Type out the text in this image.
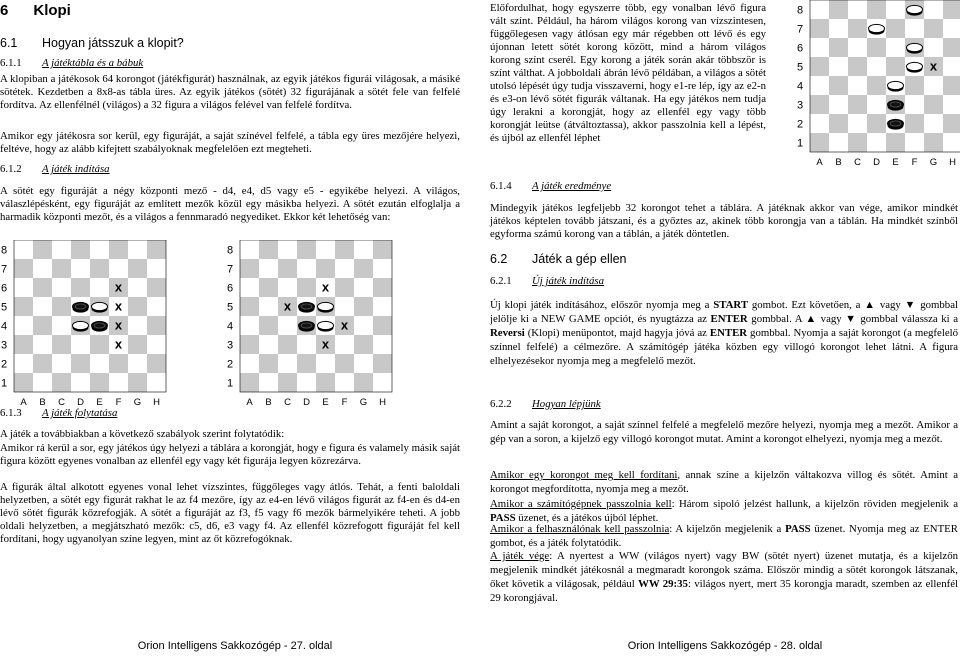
6 Klopi
6.1 Hogyan játsszuk a klopit?
6.1.1 A játéktábla és a bábuk
A klopiban a játékosok 64 korongot (játékfigurát) használnak, az egyik játékos figurái világosak, a másiké sötétek. Kezdetben a 8x8-as tábla üres. Az egyik játékos (sötét) 32 figurájának a sötét fele van felfelé fordítva. Az ellenfélnél (világos) a 32 figura a világos felével van felfelé fordítva.
Amikor egy játékosra sor kerül, egy figuráját, a saját színével felfelé, a tábla egy üres mezőjére helyezi, feltéve, hogy az alább kifejtett szabályoknak megfelelően ezt megteheti.
6.1.2 A játék indítása
A sötét egy figuráját a négy központi mező - d4, e4, d5 vagy e5 - egyikébe helyezi. A világos, válaszlépésként, egy figuráját az említett mezők közül egy másikba helyezi. A sötét ezután elfoglalja a harmadik központi mezőt, és a világos a fennmaradó negyediket. Ekkor két lehetőség van:
8
7
6
5
4
3
2
1
A B C D E F G H
x
x
x
x
8
7
6
5
4
3
2
1
A B C D E F G H
x
x
x
x
6.1.3 A játék folytatása
A játék a továbbiakban a következő szabályok szerint folytatódik:
Amikor rá kerül a sor, egy játékos úgy helyezi a táblára a korongját, hogy e figura és valamely másik saját figura között egyenes vonalban az ellenfél egy vagy két figurája legyen közrezárva.
A figurák által alkotott egyenes vonal lehet vízszintes, függőleges vagy átlós. Tehát, a fenti baloldali helyzetben, a sötét egy figurát rakhat le az f4 mezőre, így az e4-en lévő világos figurát az f4-en és d4-en lévő sötét figurák kőzrefogják. A sötét a figuráját az f3, f5 vagy f6 mezők bármelyikére teheti. A jobb oldali helyzetben, a megjátszható mezők: c5, d6, e3 vagy f4. Az ellenfél közrefogott figuráját fel kell fordítani, hogy ugyanolyan színe legyen, mint az őt közrefogóknak.
Orion Intelligens Sakkozógép - 27. oldal
Előfordulhat, hogy egyszerre több, egy vonalban lévő figura vált színt. Például, ha három világos korong van vízszintesen, függőlegesen vagy átlósan egy már régebben ott lévő és egy újonnan letett sötét korong között, mind a három világos korong színt cserél. Egy korong a játék során akár többször is színt válthat. A jobboldali ábrán lévő példában, a világos a sötét utolsó lépését úgy tudja visszaverni, hogy e1-re lép, így az e2-n és e3-on lévő sötét figurák váltanak. Ha egy játékos nem tudja úgy lerakni a korongját, hogy az ellenfél egy vagy több korongját leütse (átváltoztassa), akkor passzolnia kell a lépést, és újból az ellenfél léphet
8
7
6
5
4
3
2
1
A B C D E F G H
x
6.1.4 A játék eredménye
Mindegyik játékos legfeljebb 32 korongot tehet a táblára. A játéknak akkor van vége, amikor mindkét játékos képtelen tovább játszani, és a győztes az, akinek több korongja van a táblán. Ha mindkét színből egyforma számú korong van a táblán, a játék döntetlen.
6.2 Játék a gép ellen
6.2.1 Új játék indítása
Új klopi játék indításához, először nyomja meg a START gombot. Ezt követően, a ▲ vagy ▼ gombbal jelölje ki a NEW GAME opciót, és nyugtázza az ENTER gombbal. A ▲ vagy ▼ gombbal válassza ki a Reversi (Klopi) menüpontot, majd hagyja jóvá az ENTER gombbal. Nyomja a saját korongot (a megfelelő színnel felfelé) a célmezőre. A számítógép játéka közben egy villogó korongot lehet látni. A figura elhelyezésekor nyomja meg a megfelelő mezőt.
6.2.2 Hogyan lépjünk
Amint a saját korongot, a saját színnel felfelé a megfelelő mezőre helyezi, nyomja meg a mezőt. Amikor a gép van a soron, a kijelző egy villogó korongot mutat. Amint a korongot elhelyezi, nyomja meg a mezőt.
Amikor egy korongot meg kell fordítani, annak színe a kijelzőn váltakozva villog és sötét. Amint a korongot megfordította, nyomja meg a mezőt.
Amikor a számítógépnek passzolnia kell: Három sipoló jelzést hallunk, a kijelzőn röviden megjelenik a PASS üzenet, és a játékos újból léphet.
Amikor a felhasználónak kell passzolnia: A kijelzőn megjelenik a PASS üzenet. Nyomja meg az ENTER gombot, és a játék folytatódik.
A játék vége: A nyertest a WW (világos nyert) vagy BW (sötét nyert) üzenet mutatja, és a kijelzőn megjelenik mindkét játékosnál a megmaradt korongok száma. Először mindig a sötét korongok látszanak, őket követik a világosak, például WW 29:35: világos nyert, mert 35 korongja maradt, szemben az ellenfél 29 korongjával.
Orion Intelligens Sakkozógép - 28. oldal
